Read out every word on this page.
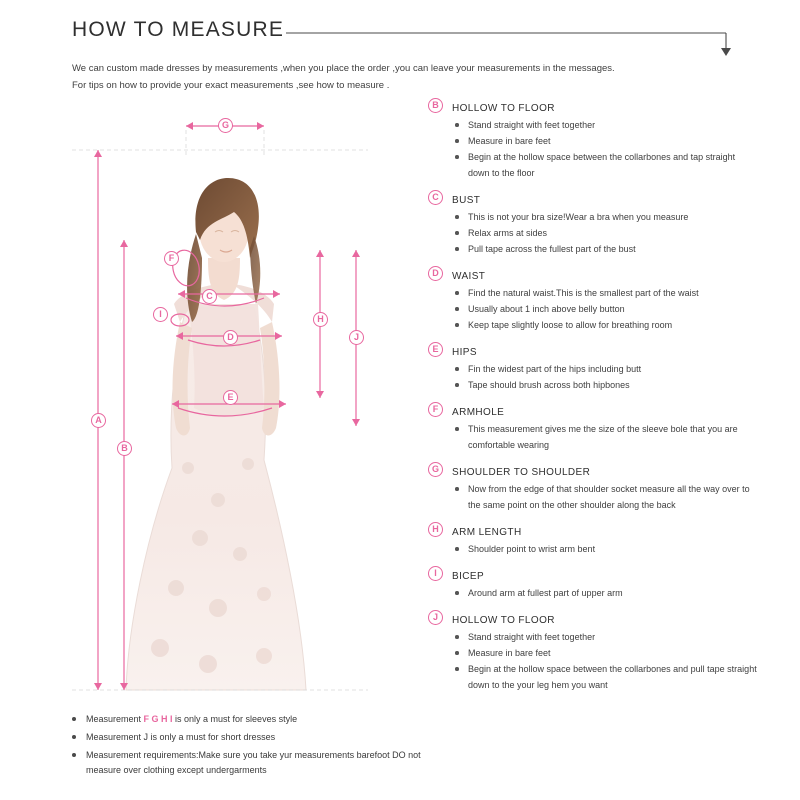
HOW TO MEASURE
We can custom made dresses by measurements ,when you place the order ,you can leave your measurements in the messages.
For tips on how to provide your exact measurements ,see how to measure .
G
A
B
F
C
I
D
E
H
J
Measurement F G H I is only a must for sleeves style
Measurement J is only a must for short dresses
Measurement requirements:Make sure you take yur measurements barefoot DO not measure over clothing except undergarments
B	HOLLOW TO FLOOR
Stand straight with feet together
Measure in bare feet
Begin at the hollow space between the collarbones and tap straight down to the floor
C	BUST
This is not your bra size!Wear a bra when you measure
Relax arms at sides
Pull tape across the fullest part of the bust
D	WAIST
Find the natural waist.This is the smallest part of the waist
Usually about 1 inch above belly button
Keep tape slightly loose to allow for breathing room
E	HIPS
Fin the widest part of the hips including butt
Tape should brush across both hipbones
F	ARMHOLE
This measurement gives me the size of the sleeve bole that you are comfortable wearing
G	SHOULDER TO SHOULDER
Now from the edge of that shoulder socket measure all the way over to the same point on the other shoulder along the back
H	ARM LENGTH
Shoulder point to wrist arm bent
I	BICEP
Around arm at fullest part of upper arm
J	HOLLOW TO FLOOR
Stand straight with feet together
Measure in bare feet
Begin at the hollow space between the collarbones and pull tape straight down to the your leg hem you want
